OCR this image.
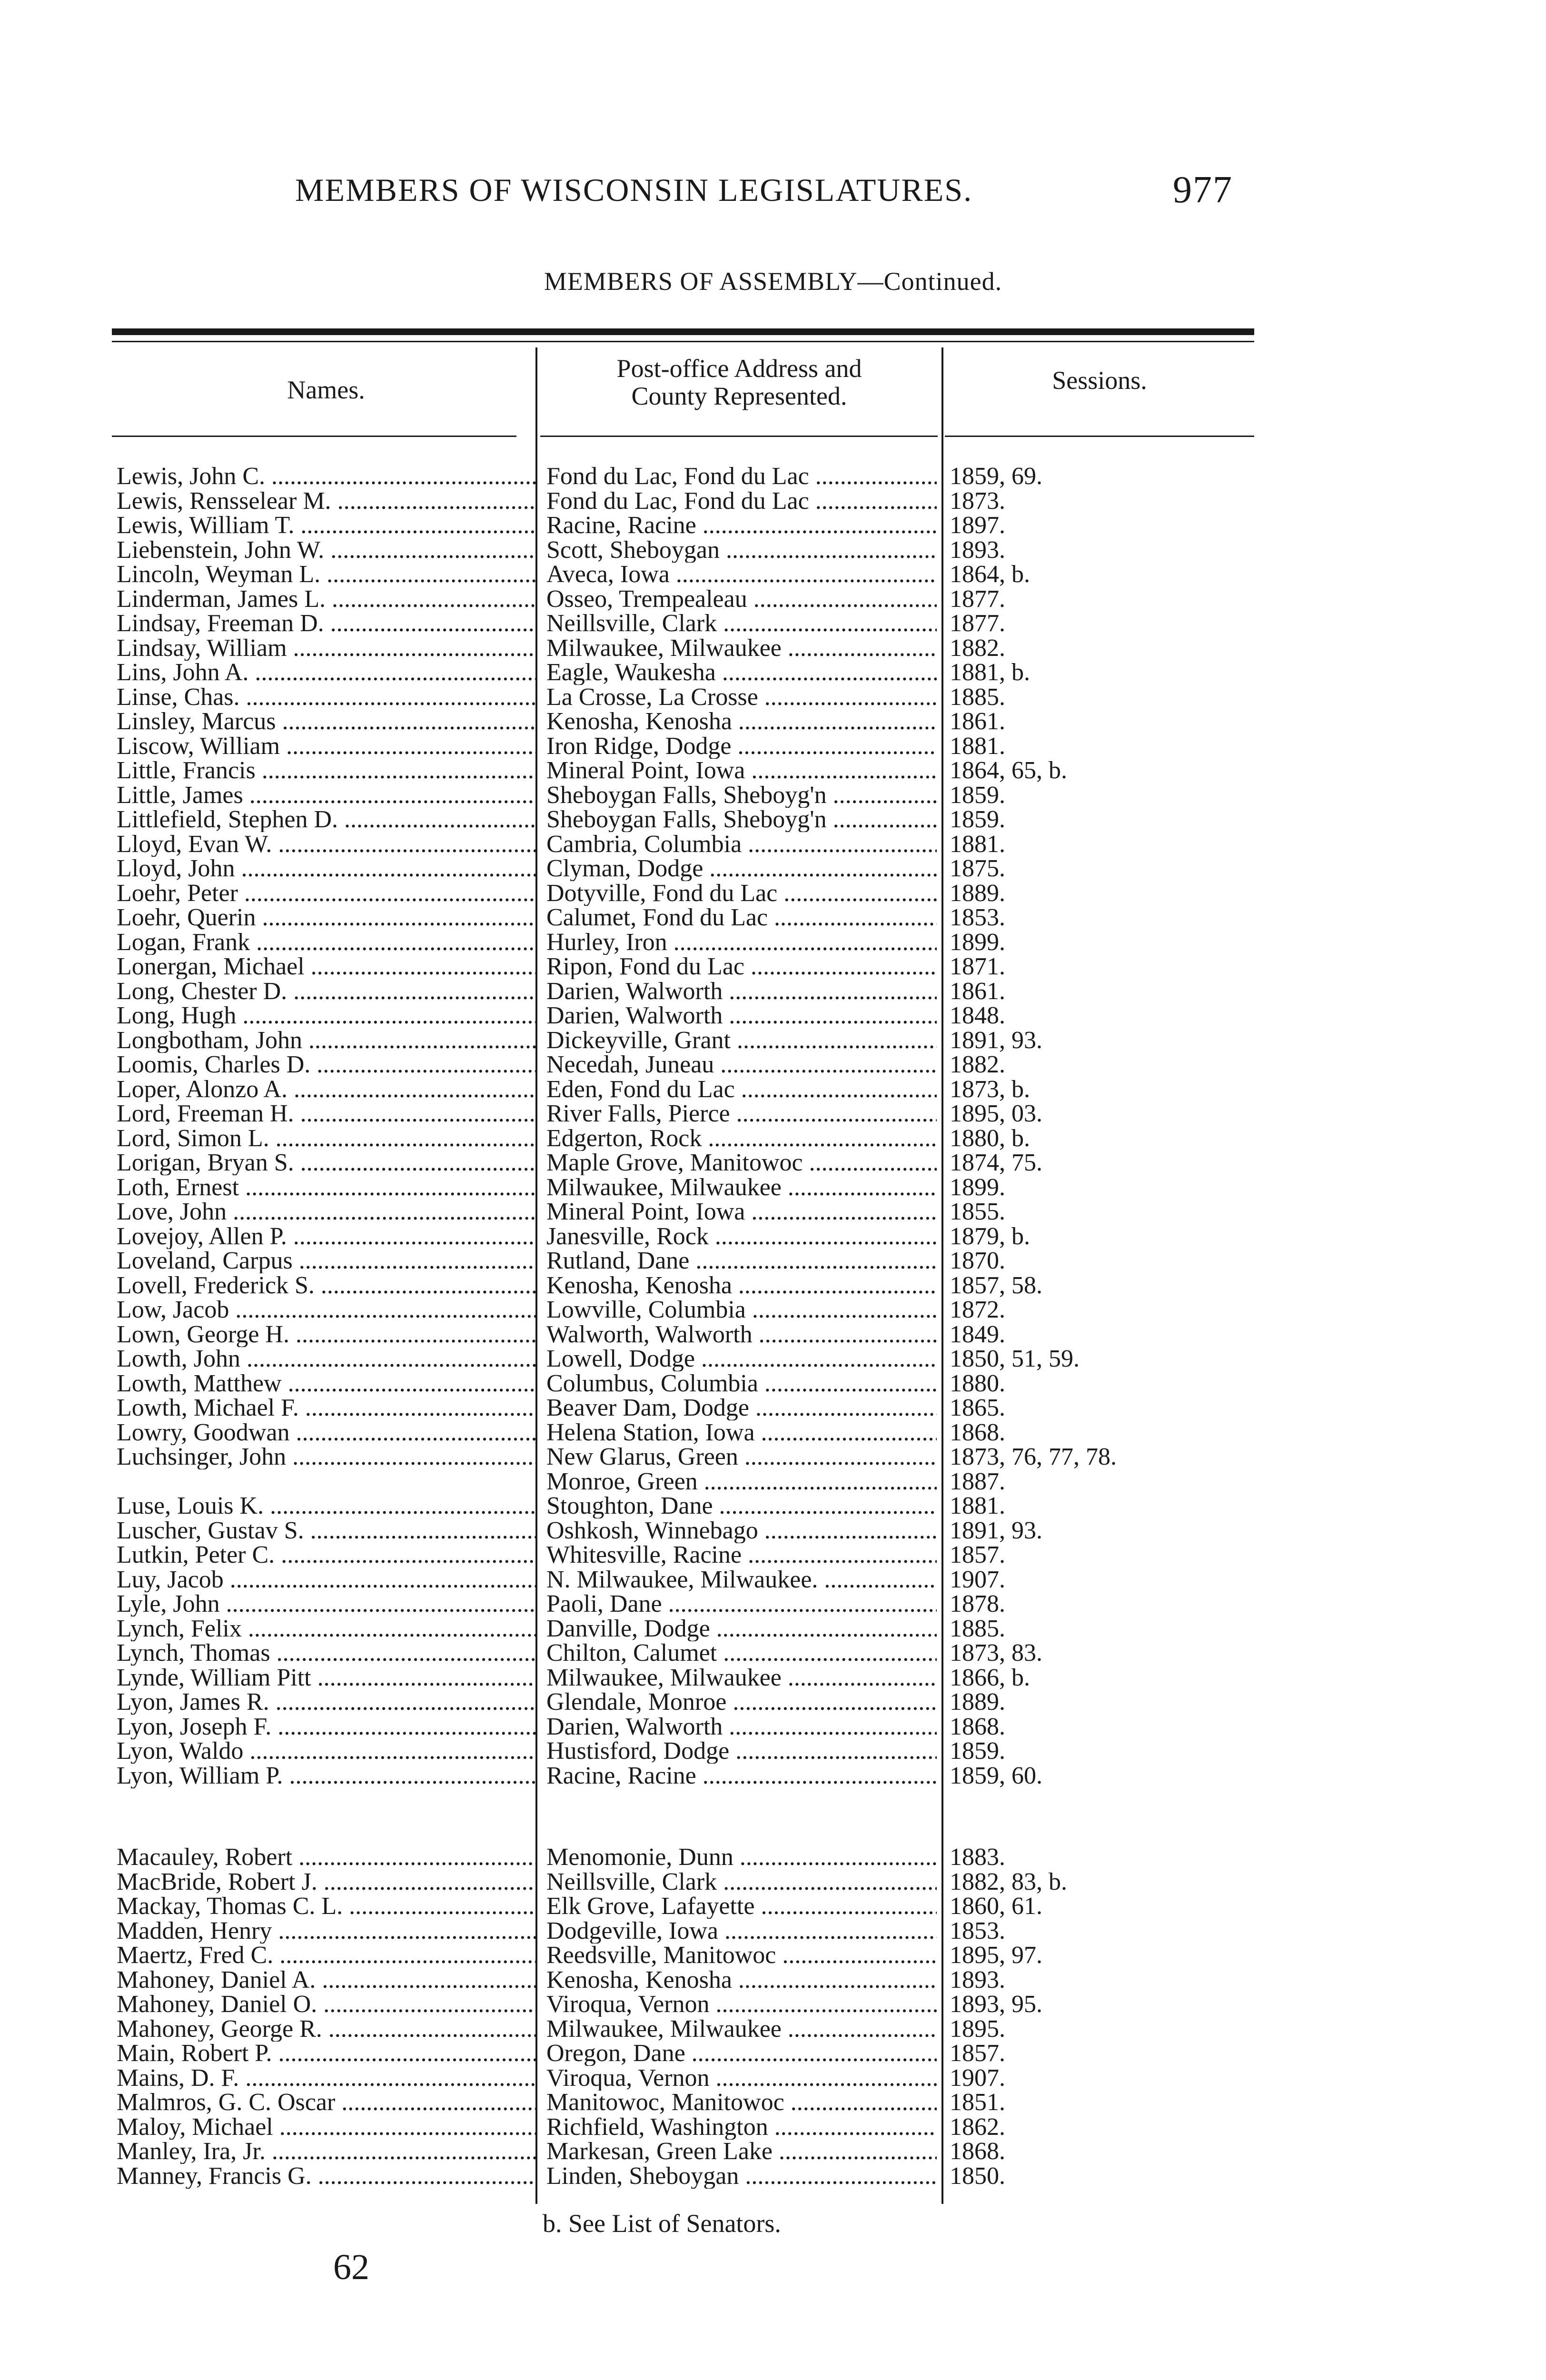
MEMBERS OF WISCONSIN LEGISLATURES.	977
MEMBERS OF ASSEMBLY—Continued.
Names.
Post-office Address and
County Represented.
Sessions.
Lewis, John C. .....	Fond du Lac, Fond du Lac .....	1859, 69.
Lewis, Rensselear M. .....	Fond du Lac, Fond du Lac .....	1873.
Lewis, William T. .....	Racine, Racine .....	1897.
Liebenstein, John W. .....	Scott, Sheboygan .....	1893.
Lincoln, Weyman L. .....	Aveca, Iowa .....	1864, b.
Linderman, James L. .....	Osseo, Trempealeau .....	1877.
Lindsay, Freeman D. .....	Neillsville, Clark .....	1877.
Lindsay, William .....	Milwaukee, Milwaukee .....	1882.
Lins, John A. .....	Eagle, Waukesha .....	1881, b.
Linse, Chas. .....	La Crosse, La Crosse .....	1885.
Linsley, Marcus .....	Kenosha, Kenosha .....	1861.
Liscow, William .....	Iron Ridge, Dodge .....	1881.
Little, Francis .....	Mineral Point, Iowa .....	1864, 65, b.
Little, James .....	Sheboygan Falls, Sheboyg'n .....	1859.
Littlefield, Stephen D. .....	Sheboygan Falls, Sheboyg'n .....	1859.
Lloyd, Evan W. .....	Cambria, Columbia .....	1881.
Lloyd, John .....	Clyman, Dodge .....	1875.
Loehr, Peter .....	Dotyville, Fond du Lac .....	1889.
Loehr, Querin .....	Calumet, Fond du Lac .....	1853.
Logan, Frank .....	Hurley, Iron .....	1899.
Lonergan, Michael .....	Ripon, Fond du Lac .....	1871.
Long, Chester D. .....	Darien, Walworth .....	1861.
Long, Hugh .....	Darien, Walworth .....	1848.
Longbotham, John .....	Dickeyville, Grant .....	1891, 93.
Loomis, Charles D. .....	Necedah, Juneau .....	1882.
Loper, Alonzo A. .....	Eden, Fond du Lac .....	1873, b.
Lord, Freeman H. .....	River Falls, Pierce .....	1895, 03.
Lord, Simon L. .....	Edgerton, Rock .....	1880, b.
Lorigan, Bryan S. .....	Maple Grove, Manitowoc .....	1874, 75.
Loth, Ernest .....	Milwaukee, Milwaukee .....	1899.
Love, John .....	Mineral Point, Iowa .....	1855.
Lovejoy, Allen P. .....	Janesville, Rock .....	1879, b.
Loveland, Carpus .....	Rutland, Dane .....	1870.
Lovell, Frederick S. .....	Kenosha, Kenosha .....	1857, 58.
Low, Jacob .....	Lowville, Columbia .....	1872.
Lown, George H. .....	Walworth, Walworth .....	1849.
Lowth, John .....	Lowell, Dodge .....	1850, 51, 59.
Lowth, Matthew .....	Columbus, Columbia .....	1880.
Lowth, Michael F. .....	Beaver Dam, Dodge .....	1865.
Lowry, Goodwan .....	Helena Station, Iowa .....	1868.
Luchsinger, John .....	New Glarus, Green .....	1873, 76, 77, 78.
Monroe, Green .....	1887.
Luse, Louis K. .....	Stoughton, Dane .....	1881.
Luscher, Gustav S. .....	Oshkosh, Winnebago .....	1891, 93.
Lutkin, Peter C. .....	Whitesville, Racine .....	1857.
Luy, Jacob .....	N. Milwaukee, Milwaukee. .....	1907.
Lyle, John .....	Paoli, Dane .....	1878.
Lynch, Felix .....	Danville, Dodge .....	1885.
Lynch, Thomas .....	Chilton, Calumet .....	1873, 83.
Lynde, William Pitt .....	Milwaukee, Milwaukee .....	1866, b.
Lyon, James R. .....	Glendale, Monroe .....	1889.
Lyon, Joseph F. .....	Darien, Walworth .....	1868.
Lyon, Waldo .....	Hustisford, Dodge .....	1859.
Lyon, William P. .....	Racine, Racine .....	1859, 60.
Macauley, Robert .....	Menomonie, Dunn .....	1883.
MacBride, Robert J. .....	Neillsville, Clark .....	1882, 83, b.
Mackay, Thomas C. L. .....	Elk Grove, Lafayette .....	1860, 61.
Madden, Henry .....	Dodgeville, Iowa .....	1853.
Maertz, Fred C. .....	Reedsville, Manitowoc .....	1895, 97.
Mahoney, Daniel A. .....	Kenosha, Kenosha .....	1893.
Mahoney, Daniel O. .....	Viroqua, Vernon .....	1893, 95.
Mahoney, George R. .....	Milwaukee, Milwaukee .....	1895.
Main, Robert P. .....	Oregon, Dane .....	1857.
Mains, D. F. .....	Viroqua, Vernon .....	1907.
Malmros, G. C. Oscar .....	Manitowoc, Manitowoc .....	1851.
Maloy, Michael .....	Richfield, Washington .....	1862.
Manley, Ira, Jr. .....	Markesan, Green Lake .....	1868.
Manney, Francis G. .....	Linden, Sheboygan .....	1850.
b. See List of Senators.
62
